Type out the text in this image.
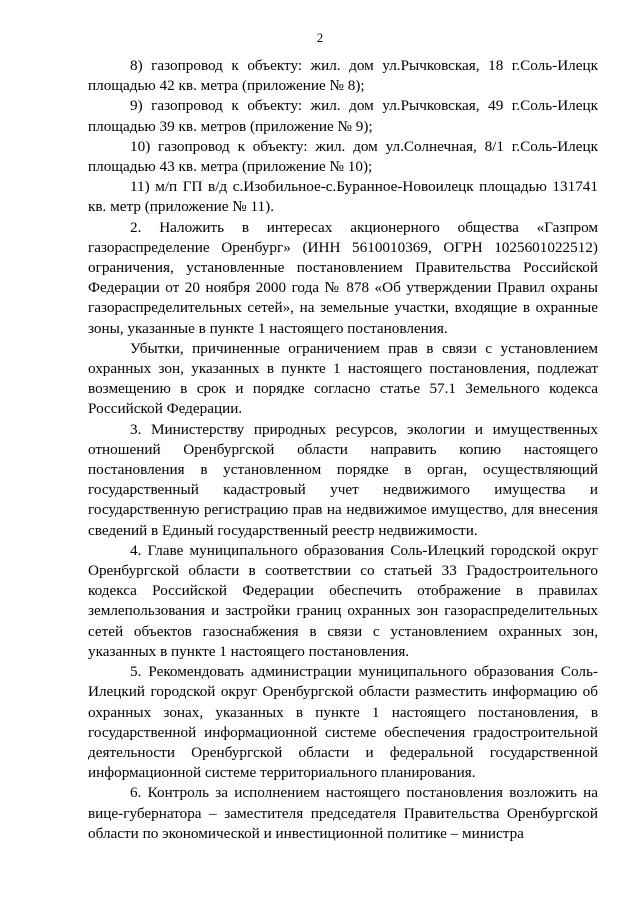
2

8) газопровод к объекту: жил. дом ул.Рычковская, 18 г.Соль-Илецк площадью 42 кв. метра (приложение № 8);

9) газопровод к объекту: жил. дом ул.Рычковская, 49 г.Соль-Илецк площадью 39 кв. метров (приложение № 9);

10) газопровод к объекту: жил. дом ул.Солнечная, 8/1 г.Соль-Илецк площадью 43 кв. метра (приложение № 10);

11) м/п ГП в/д с.Изобильное-с.Буранное-Новоилецк площадью 131741 кв. метр (приложение № 11).

2. Наложить в интересах акционерного общества «Газпром газораспределение Оренбург» (ИНН 5610010369, ОГРН 1025601022512) ограничения, установленные постановлением Правительства Российской Федерации от 20 ноября 2000 года № 878 «Об утверждении Правил охраны газораспределительных сетей», на земельные участки, входящие в охранные зоны, указанные в пункте 1 настоящего постановления.

Убытки, причиненные ограничением прав в связи с установлением охранных зон, указанных в пункте 1 настоящего постановления, подлежат возмещению в срок и порядке согласно статье 57.1 Земельного кодекса Российской Федерации.

3. Министерству природных ресурсов, экологии и имущественных отношений Оренбургской области направить копию настоящего постановления в установленном порядке в орган, осуществляющий государственный кадастровый учет недвижимого имущества и государственную регистрацию прав на недвижимое имущество, для внесения сведений в Единый государственный реестр недвижимости.

4. Главе муниципального образования Соль-Илецкий городской округ Оренбургской области в соответствии со статьей 33 Градостроительного кодекса Российской Федерации обеспечить отображение в правилах землепользования и застройки границ охранных зон газораспределительных сетей объектов газоснабжения в связи с установлением охранных зон, указанных в пункте 1 настоящего постановления.

5. Рекомендовать администрации муниципального образования Соль-Илецкий городской округ Оренбургской области разместить информацию об охранных зонах, указанных в пункте 1 настоящего постановления, в государственной информационной системе обеспечения градостроительной деятельности Оренбургской области и федеральной государственной информационной системе территориального планирования.

6. Контроль за исполнением настоящего постановления возложить на вице-губернатора – заместителя председателя Правительства Оренбургской области по экономической и инвестиционной политике – министра
